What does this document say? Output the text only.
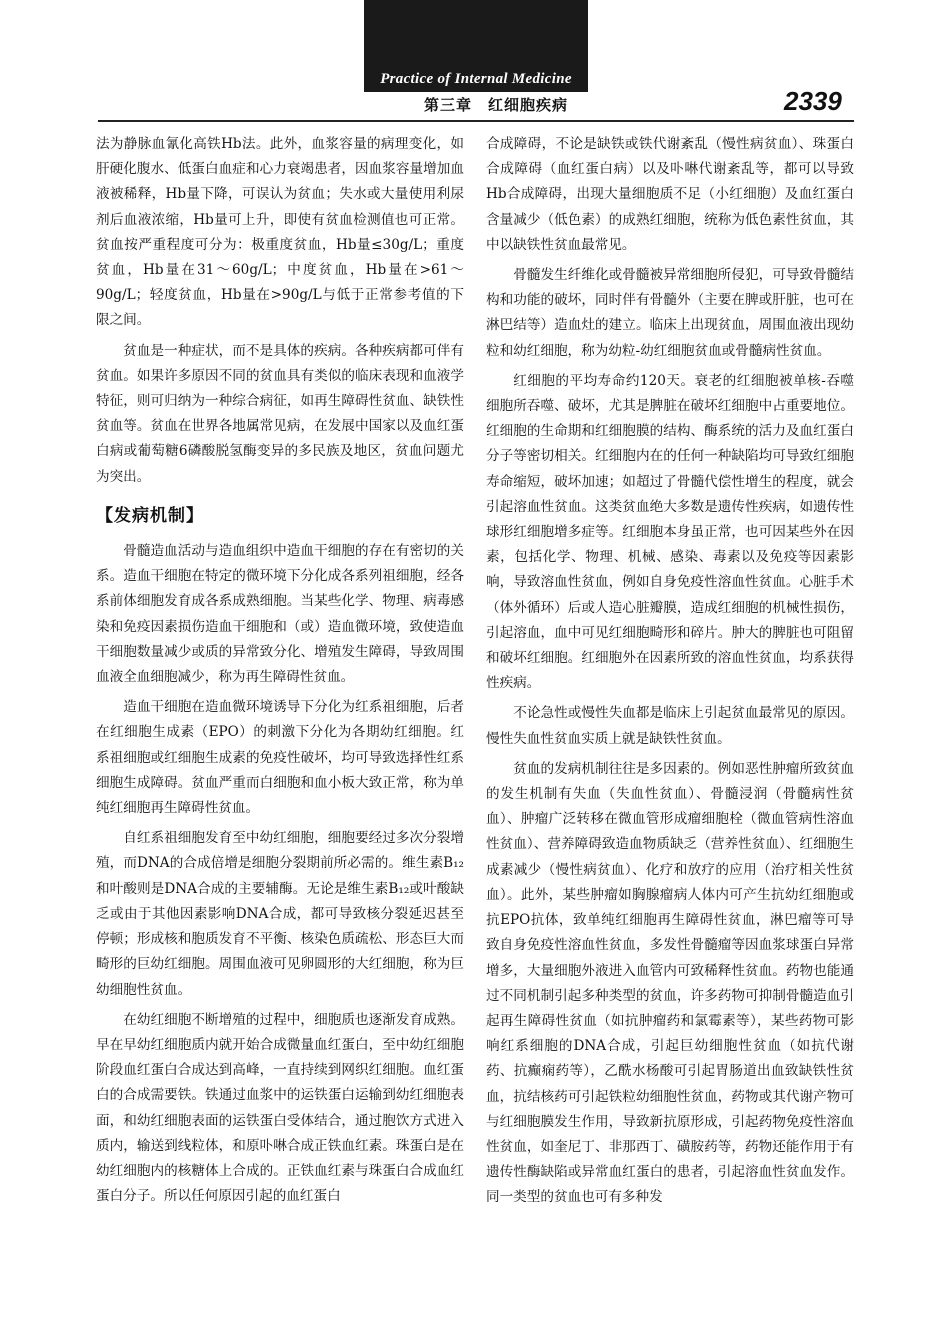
Practice of Internal Medicine
第三章　红细胞疾病	2339

法为静脉血氰化高铁Hb法。此外，血浆容量的病理变化，如肝硬化腹水、低蛋白血症和心力衰竭患者，因血浆容量增加血液被稀释，Hb量下降，可误认为贫血；失水或大量使用利尿剂后血液浓缩，Hb量可上升，即使有贫血检测值也可正常。贫血按严重程度可分为：极重度贫血，Hb量≤30g/L；重度贫血，Hb量在31～60g/L；中度贫血，Hb量在>61～90g/L；轻度贫血，Hb量在>90g/L与低于正常参考值的下限之间。

贫血是一种症状，而不是具体的疾病。各种疾病都可伴有贫血。如果许多原因不同的贫血具有类似的临床表现和血液学特征，则可归纳为一种综合病征，如再生障碍性贫血、缺铁性贫血等。贫血在世界各地属常见病，在发展中国家以及血红蛋白病或葡萄糖6磷酸脱氢酶变异的多民族及地区，贫血问题尤为突出。

【发病机制】

骨髓造血活动与造血组织中造血干细胞的存在有密切的关系。造血干细胞在特定的微环境下分化成各系列祖细胞，经各系前体细胞发育成各系成熟细胞。当某些化学、物理、病毒感染和免疫因素损伤造血干细胞和（或）造血微环境，致使造血干细胞数量减少或质的异常致分化、增殖发生障碍，导致周围血液全血细胞减少，称为再生障碍性贫血。

造血干细胞在造血微环境诱导下分化为红系祖细胞，后者在红细胞生成素（EPO）的刺激下分化为各期幼红细胞。红系祖细胞或红细胞生成素的免疫性破坏，均可导致选择性红系细胞生成障碍。贫血严重而白细胞和血小板大致正常，称为单纯红细胞再生障碍性贫血。

自红系祖细胞发育至中幼红细胞，细胞要经过多次分裂增殖，而DNA的合成倍增是细胞分裂期前所必需的。维生素B₁₂和叶酸则是DNA合成的主要辅酶。无论是维生素B₁₂或叶酸缺乏或由于其他因素影响DNA合成，都可导致核分裂延迟甚至停顿；形成核和胞质发育不平衡、核染色质疏松、形态巨大而畸形的巨幼红细胞。周围血液可见卵圆形的大红细胞，称为巨幼细胞性贫血。

在幼红细胞不断增殖的过程中，细胞质也逐渐发育成熟。早在早幼红细胞质内就开始合成微量血红蛋白，至中幼红细胞阶段血红蛋白合成达到高峰，一直持续到网织红细胞。血红蛋白的合成需要铁。铁通过血浆中的运铁蛋白运输到幼红细胞表面，和幼红细胞表面的运铁蛋白受体结合，通过胞饮方式进入质内，输送到线粒体，和原卟啉合成正铁血红素。珠蛋白是在幼红细胞内的核糖体上合成的。正铁血红素与珠蛋白合成血红蛋白分子。所以任何原因引起的血红蛋白

合成障碍，不论是缺铁或铁代谢紊乱（慢性病贫血）、珠蛋白合成障碍（血红蛋白病）以及卟啉代谢紊乱等，都可以导致Hb合成障碍，出现大量细胞质不足（小红细胞）及血红蛋白含量减少（低色素）的成熟红细胞，统称为低色素性贫血，其中以缺铁性贫血最常见。

骨髓发生纤维化或骨髓被异常细胞所侵犯，可导致骨髓结构和功能的破坏，同时伴有骨髓外（主要在脾或肝脏，也可在淋巴结等）造血灶的建立。临床上出现贫血，周围血液出现幼粒和幼红细胞，称为幼粒-幼红细胞贫血或骨髓病性贫血。

红细胞的平均寿命约120天。衰老的红细胞被单核-吞噬细胞所吞噬、破坏，尤其是脾脏在破坏红细胞中占重要地位。红细胞的生命期和红细胞膜的结构、酶系统的活力及血红蛋白分子等密切相关。红细胞内在的任何一种缺陷均可导致红细胞寿命缩短，破坏加速；如超过了骨髓代偿性增生的程度，就会引起溶血性贫血。这类贫血绝大多数是遗传性疾病，如遗传性球形红细胞增多症等。红细胞本身虽正常，也可因某些外在因素，包括化学、物理、机械、感染、毒素以及免疫等因素影响，导致溶血性贫血，例如自身免疫性溶血性贫血。心脏手术（体外循环）后或人造心脏瓣膜，造成红细胞的机械性损伤，引起溶血，血中可见红细胞畸形和碎片。肿大的脾脏也可阻留和破坏红细胞。红细胞外在因素所致的溶血性贫血，均系获得性疾病。

不论急性或慢性失血都是临床上引起贫血最常见的原因。慢性失血性贫血实质上就是缺铁性贫血。

贫血的发病机制往往是多因素的。例如恶性肿瘤所致贫血的发生机制有失血（失血性贫血）、骨髓浸润（骨髓病性贫血）、肿瘤广泛转移在微血管形成瘤细胞栓（微血管病性溶血性贫血）、营养障碍致造血物质缺乏（营养性贫血）、红细胞生成素减少（慢性病贫血）、化疗和放疗的应用（治疗相关性贫血）。此外，某些肿瘤如胸腺瘤病人体内可产生抗幼红细胞或抗EPO抗体，致单纯红细胞再生障碍性贫血，淋巴瘤等可导致自身免疫性溶血性贫血，多发性骨髓瘤等因血浆球蛋白异常增多，大量细胞外液进入血管内可致稀释性贫血。药物也能通过不同机制引起多种类型的贫血，许多药物可抑制骨髓造血引起再生障碍性贫血（如抗肿瘤药和氯霉素等），某些药物可影响红系细胞的DNA合成，引起巨幼细胞性贫血（如抗代谢药、抗癫痫药等），乙酰水杨酸可引起胃肠道出血致缺铁性贫血，抗结核药可引起铁粒幼细胞性贫血，药物或其代谢产物可与红细胞膜发生作用，导致新抗原形成，引起药物免疫性溶血性贫血，如奎尼丁、非那西丁、磺胺药等，药物还能作用于有遗传性酶缺陷或异常血红蛋白的患者，引起溶血性贫血发作。同一类型的贫血也可有多种发
